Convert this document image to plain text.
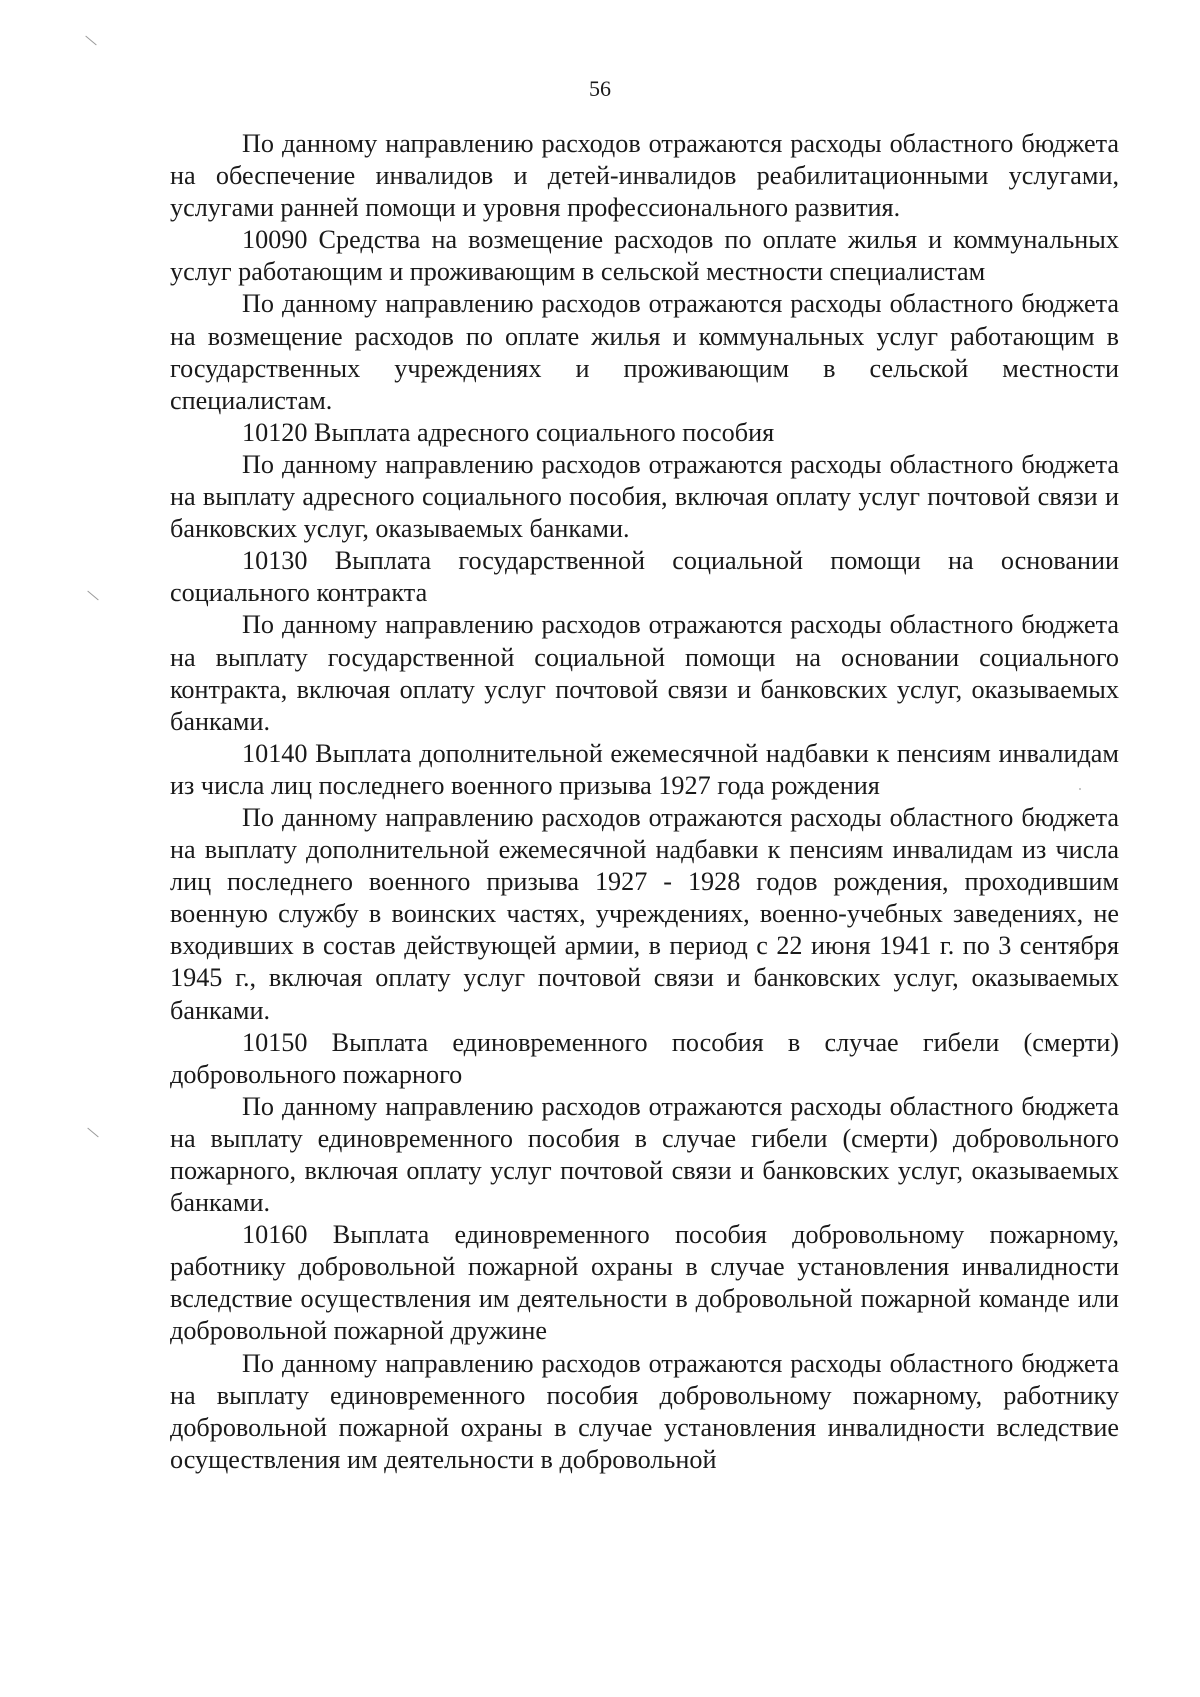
56

По данному направлению расходов отражаются расходы областного бюджета на обеспечение инвалидов и детей-инвалидов реабилитационными услугами, услугами ранней помощи и уровня профессионального развития.

10090 Средства на возмещение расходов по оплате жилья и коммунальных услуг работающим и проживающим в сельской местности специалистам

По данному направлению расходов отражаются расходы областного бюджета на возмещение расходов по оплате жилья и коммунальных услуг работающим в государственных учреждениях и проживающим в сельской местности специалистам.

10120 Выплата адресного социального пособия

По данному направлению расходов отражаются расходы областного бюджета на выплату адресного социального пособия, включая оплату услуг почтовой связи и банковских услуг, оказываемых банками.

10130 Выплата государственной социальной помощи на основании социального контракта

По данному направлению расходов отражаются расходы областного бюджета на выплату государственной социальной помощи на основании социального контракта, включая оплату услуг почтовой связи и банковских услуг, оказываемых банками.

10140 Выплата дополнительной ежемесячной надбавки к пенсиям инвалидам из числа лиц последнего военного призыва 1927 года рождения

По данному направлению расходов отражаются расходы областного бюджета на выплату дополнительной ежемесячной надбавки к пенсиям инвалидам из числа лиц последнего военного призыва 1927 - 1928 годов рождения, проходившим военную службу в воинских частях, учреждениях, военно-учебных заведениях, не входивших в состав действующей армии, в период с 22 июня 1941 г. по 3 сентября 1945 г., включая оплату услуг почтовой связи и банковских услуг, оказываемых банками.

10150 Выплата единовременного пособия в случае гибели (смерти) добровольного пожарного

По данному направлению расходов отражаются расходы областного бюджета на выплату единовременного пособия в случае гибели (смерти) добровольного пожарного, включая оплату услуг почтовой связи и банковских услуг, оказываемых банками.

10160 Выплата единовременного пособия добровольному пожарному, работнику добровольной пожарной охраны в случае установления инвалидности вследствие осуществления им деятельности в добровольной пожарной команде или добровольной пожарной дружине

По данному направлению расходов отражаются расходы областного бюджета на выплату единовременного пособия добровольному пожарному, работнику добровольной пожарной охраны в случае установления инвалидности вследствие осуществления им деятельности в добровольной
